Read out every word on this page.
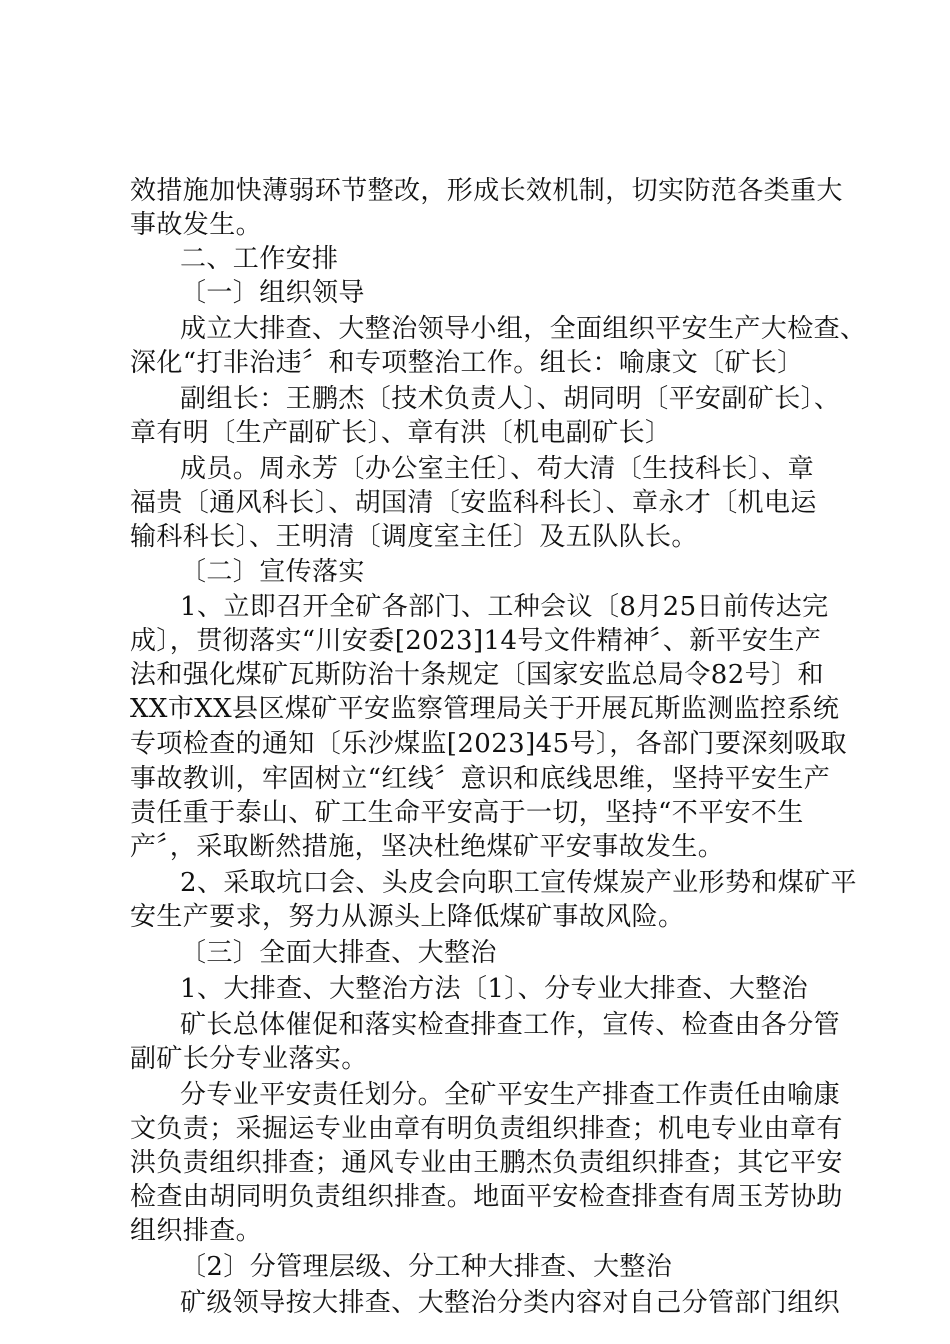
效措施加快薄弱环节整改，形成长效机制，切实防范各类重大
事故发生。
二、工作安排
〔一〕组织领导
成立大排查、大整治领导小组，全面组织平安生产大检查、
深化“打非治违〞和专项整治工作。组长：喻康文〔矿长〕
副组长：王鹏杰〔技术负责人〕、胡同明〔平安副矿长〕、
章有明〔生产副矿长〕、章有洪〔机电副矿长〕
成员。周永芳〔办公室主任〕、苟大清〔生技科长〕、章
福贵〔通风科长〕、胡国清〔安监科科长〕、章永才〔机电运
输科科长〕、王明清〔调度室主任〕及五队队长。
〔二〕宣传落实
1、立即召开全矿各部门、工种会议〔8月25日前传达完
成〕，贯彻落实“川安委[2023]14号文件精神〞、新平安生产
法和强化煤矿瓦斯防治十条规定〔国家安监总局令82号〕和
XX市XX县区煤矿平安监察管理局关于开展瓦斯监测监控系统
专项检查的通知〔乐沙煤监[2023]45号〕，各部门要深刻吸取
事故教训，牢固树立“红线〞意识和底线思维，坚持平安生产
责任重于泰山、矿工生命平安高于一切，坚持“不平安不生
产〞，采取断然措施，坚决杜绝煤矿平安事故发生。
2、采取坑口会、头皮会向职工宣传煤炭产业形势和煤矿平
安生产要求，努力从源头上降低煤矿事故风险。
〔三〕全面大排查、大整治
1、大排查、大整治方法〔1〕、分专业大排查、大整治
矿长总体催促和落实检查排查工作，宣传、检查由各分管
副矿长分专业落实。
分专业平安责任划分。全矿平安生产排查工作责任由喻康
文负责；采掘运专业由章有明负责组织排查；机电专业由章有
洪负责组织排查；通风专业由王鹏杰负责组织排查；其它平安
检查由胡同明负责组织排查。地面平安检查排查有周玉芳协助
组织排查。
〔2〕分管理层级、分工种大排查、大整治
矿级领导按大排查、大整治分类内容对自己分管部门组织
